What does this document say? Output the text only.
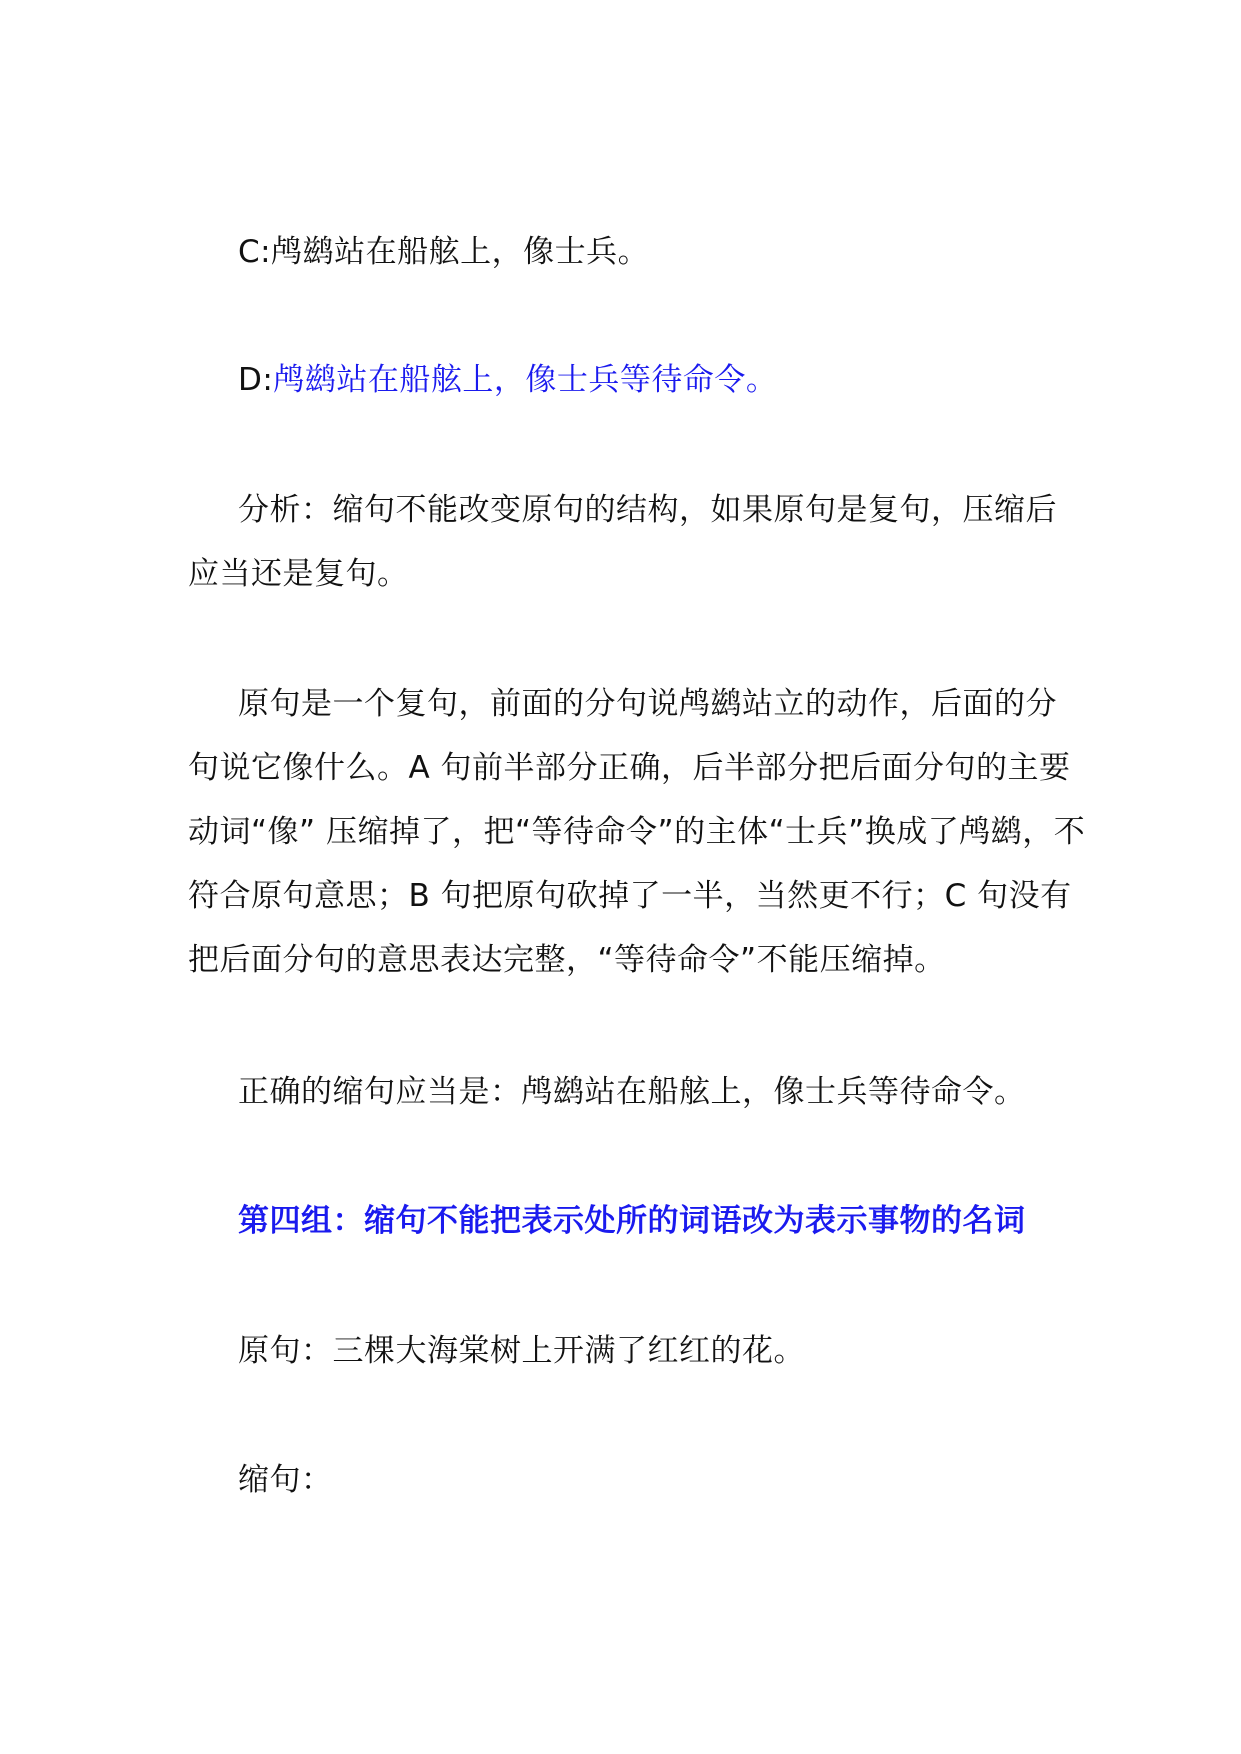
C:鸬鹚站在船舷上，像士兵。
D:鸬鹚站在船舷上，像士兵等待命令。
分析：缩句不能改变原句的结构，如果原句是复句，压缩后
应当还是复句。
原句是一个复句，前面的分句说鸬鹚站立的动作，后面的分
句说它像什么。A 句前半部分正确，后半部分把后面分句的主要
动词“像” 压缩掉了，把“等待命令”的主体“士兵”换成了鸬鹚，不
符合原句意思；B 句把原句砍掉了一半，当然更不行；C 句没有
把后面分句的意思表达完整，“等待命令”不能压缩掉。
正确的缩句应当是：鸬鹚站在船舷上，像士兵等待命令。
第四组：缩句不能把表示处所的词语改为表示事物的名词
原句：三棵大海棠树上开满了红红的花。
缩句：
